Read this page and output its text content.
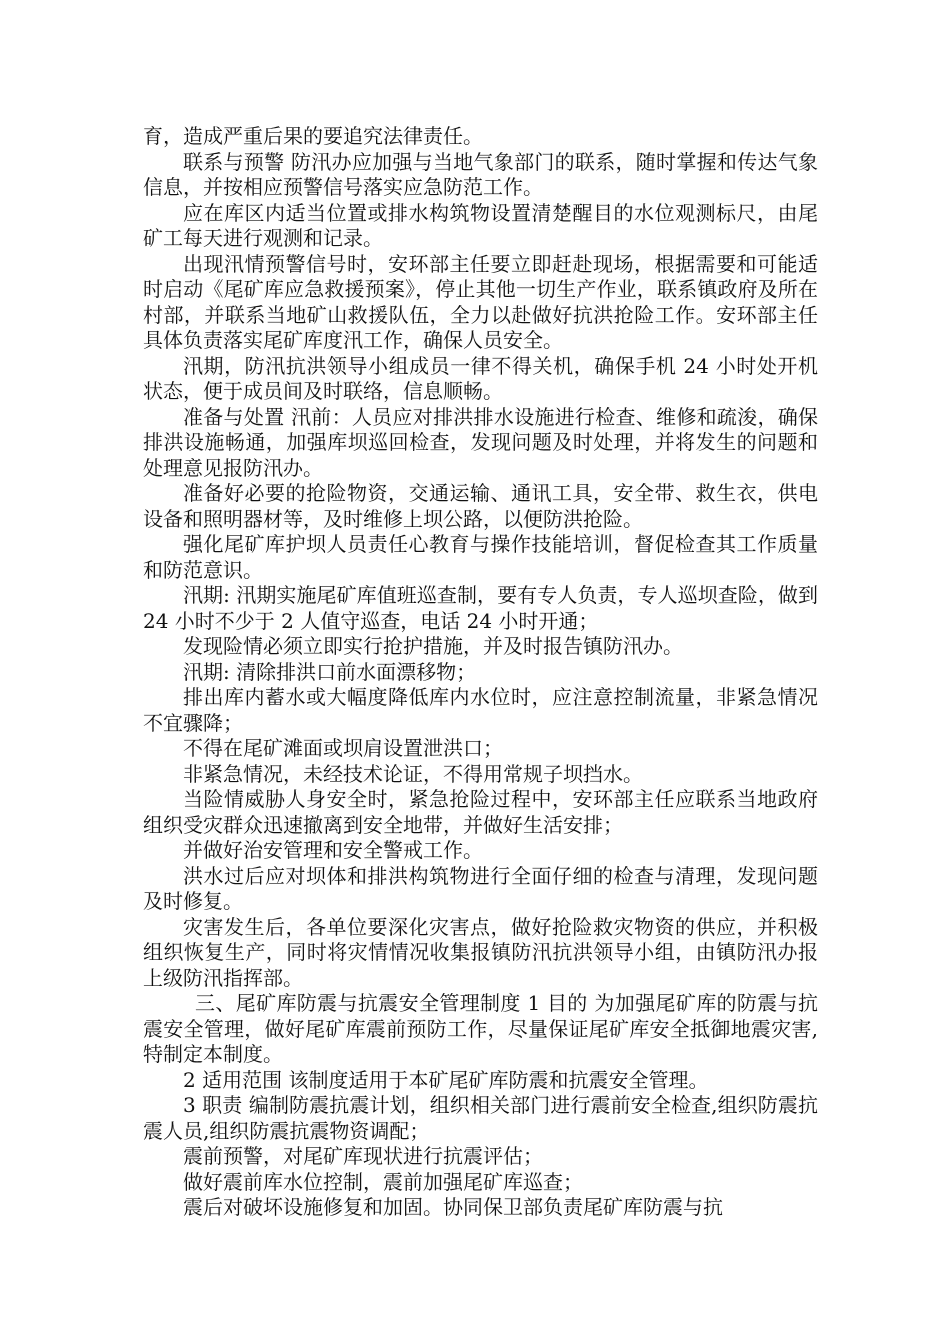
育，造成严重后果的要追究法律责任。

联系与预警 防汛办应加强与当地气象部门的联系，随时掌握和传达气象信息，并按相应预警信号落实应急防范工作。

应在库区内适当位置或排水构筑物设置清楚醒目的水位观测标尺，由尾矿工每天进行观测和记录。

出现汛情预警信号时，安环部主任要立即赶赴现场，根据需要和可能适时启动《尾矿库应急救援预案》，停止其他一切生产作业，联系镇政府及所在村部，并联系当地矿山救援队伍，全力以赴做好抗洪抢险工作。安环部主任具体负责落实尾矿库度汛工作，确保人员安全。

汛期，防汛抗洪领导小组成员一律不得关机，确保手机 24 小时处开机状态，便于成员间及时联络，信息顺畅。

准备与处置 汛前：人员应对排洪排水设施进行检查、维修和疏浚，确保排洪设施畅通，加强库坝巡回检查，发现问题及时处理，并将发生的问题和处理意见报防汛办。

准备好必要的抢险物资，交通运输、通讯工具，安全带、救生衣，供电设备和照明器材等，及时维修上坝公路，以便防洪抢险。

强化尾矿库护坝人员责任心教育与操作技能培训，督促检查其工作质量和防范意识。

汛期: 汛期实施尾矿库值班巡查制，要有专人负责，专人巡坝查险，做到 24 小时不少于 2 人值守巡查，电话 24 小时开通；

发现险情必须立即实行抢护措施，并及时报告镇防汛办。

汛期: 清除排洪口前水面漂移物；

排出库内蓄水或大幅度降低库内水位时，应注意控制流量，非紧急情况不宜骤降；

不得在尾矿滩面或坝肩设置泄洪口；

非紧急情况，未经技术论证，不得用常规子坝挡水。

当险情威胁人身安全时，紧急抢险过程中，安环部主任应联系当地政府组织受灾群众迅速撤离到安全地带，并做好生活安排；

并做好治安管理和安全警戒工作。

洪水过后应对坝体和排洪构筑物进行全面仔细的检查与清理，发现问题及时修复。

灾害发生后，各单位要深化灾害点，做好抢险救灾物资的供应，并积极组织恢复生产，同时将灾情情况收集报镇防汛抗洪领导小组，由镇防汛办报上级防汛指挥部。

三、尾矿库防震与抗震安全管理制度 1 目的 为加强尾矿库的防震与抗震安全管理，做好尾矿库震前预防工作，尽量保证尾矿库安全抵御地震灾害,特制定本制度。

2 适用范围 该制度适用于本矿尾矿库防震和抗震安全管理。

3 职责 编制防震抗震计划，组织相关部门进行震前安全检查,组织防震抗震人员,组织防震抗震物资调配；

震前预警，对尾矿库现状进行抗震评估；

做好震前库水位控制，震前加强尾矿库巡查；

震后对破坏设施修复和加固。协同保卫部负责尾矿库防震与抗
